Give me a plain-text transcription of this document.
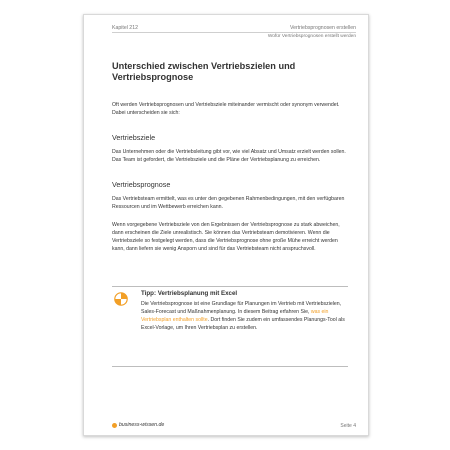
Kapitel 212	Vertriebsprognosen erstellen
Wofür Vertriebsprognosen erstellt werden
Unterschied zwischen Vertriebszielen und Vertriebsprognose
Oft werden Vertriebsprognosen und Vertriebsziele miteinander vermischt oder synonym verwendet. Dabei unterscheiden sie sich:
Vertriebsziele
Das Unternehmen oder die Vertriebsleitung gibt vor, wie viel Absatz und Umsatz erzielt werden sollen. Das Team ist gefordert, die Vertriebsziele und die Pläne der Vertriebsplanung zu erreichen.
Vertriebsprognose
Das Vertriebsteam ermittelt, was es unter den gegebenen Rahmenbedingungen, mit den verfügbaren Ressourcen und im Wettbewerb erreichen kann.
Wenn vorgegebene Vertriebsziele von den Ergebnissen der Vertriebsprognose zu stark abweichen, dann erscheinen die Ziele unrealistisch. Sie können das Vertriebsteam demotivieren. Wenn die Vertriebsziele so festgelegt werden, dass die Vertriebsprognose ohne große Mühe erreicht werden kann, dann liefern sie wenig Ansporn und sind für das Vertriebsteam nicht anspruchsvoll.
Tipp: Vertriebsplanung mit Excel
Die Vertriebsprognose ist eine Grundlage für Planungen im Vertrieb mit Vertriebszielen, Sales-Forecast und Maßnahmenplanung. In diesem Beitrag erfahren Sie, was ein Vertriebsplan enthalten sollte. Dort finden Sie zudem ein umfassendes Planungs-Tool als Excel-Vorlage, um Ihren Vertriebsplan zu erstellen.
business-wissen.de	Seite 4
